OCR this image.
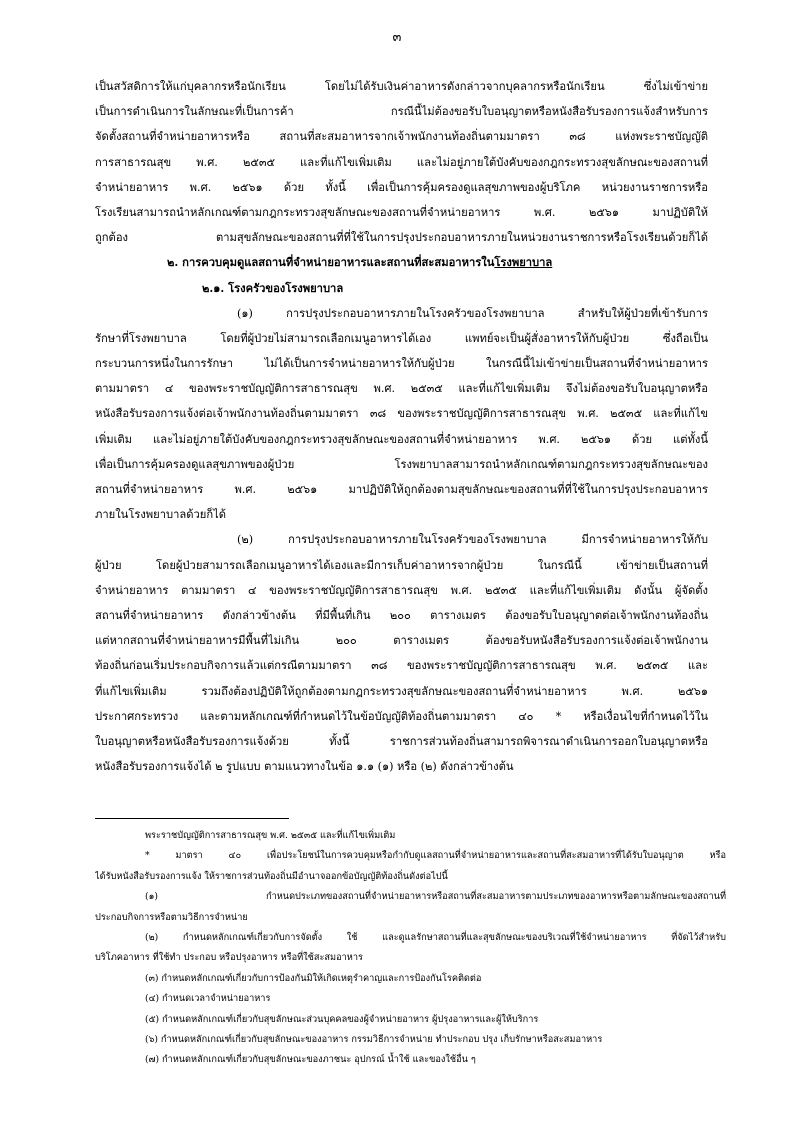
๓
เป็นสวัสดิการให้แก่บุคลากรหรือนักเรียน โดยไม่ได้รับเงินค่าอาหารดังกล่าวจากบุคลากรหรือนักเรียน ซึ่งไม่เข้าข่าย
เป็นการดำเนินการในลักษณะที่เป็นการค้า กรณีนี้ไม่ต้องขอรับใบอนุญาตหรือหนังสือรับรองการแจ้งสำหรับการ
จัดตั้งสถานที่จำหน่ายอาหารหรือ สถานที่สะสมอาหารจากเจ้าพนักงานท้องถิ่นตามมาตรา ๓๘ แห่งพระราชบัญญัติ
การสาธารณสุข พ.ศ. ๒๕๓๕ และที่แก้ไขเพิ่มเติม และไม่อยู่ภายใต้บังคับของกฎกระทรวงสุขลักษณะของสถานที่
จำหน่ายอาหาร พ.ศ. ๒๕๖๑ ด้วย ทั้งนี้ เพื่อเป็นการคุ้มครองดูแลสุขภาพของผู้บริโภค หน่วยงานราชการหรือ
โรงเรียนสามารถนำหลักเกณฑ์ตามกฎกระทรวงสุขลักษณะของสถานที่จำหน่ายอาหาร พ.ศ. ๒๕๖๑ มาปฏิบัติให้
ถูกต้อง ตามสุขลักษณะของสถานที่ที่ใช้ในการปรุงประกอบอาหารภายในหน่วยงานราชการหรือโรงเรียนด้วยก็ได้
๒. การควบคุมดูแลสถานที่จำหน่ายอาหารและสถานที่สะสมอาหารในโรงพยาบาล
๒.๑. โรงครัวของโรงพยาบาล
(๑) การปรุงประกอบอาหารภายในโรงครัวของโรงพยาบาล สำหรับให้ผู้ป่วยที่เข้ารับการ
รักษาที่โรงพยาบาล โดยที่ผู้ป่วยไม่สามารถเลือกเมนูอาหารได้เอง แพทย์จะเป็นผู้สั่งอาหารให้กับผู้ป่วย ซึ่งถือเป็น
กระบวนการหนึ่งในการรักษา ไม่ได้เป็นการจำหน่ายอาหารให้กับผู้ป่วย ในกรณีนี้ไม่เข้าข่ายเป็นสถานที่จำหน่ายอาหาร
ตามมาตรา ๔ ของพระราชบัญญัติการสาธารณสุข พ.ศ. ๒๕๓๕ และที่แก้ไขเพิ่มเติม จึงไม่ต้องขอรับใบอนุญาตหรือ
หนังสือรับรองการแจ้งต่อเจ้าพนักงานท้องถิ่นตามมาตรา ๓๘ ของพระราชบัญญัติการสาธารณสุข พ.ศ. ๒๕๓๕ และที่แก้ไข
เพิ่มเติม และไม่อยู่ภายใต้บังคับของกฎกระทรวงสุขลักษณะของสถานที่จำหน่ายอาหาร พ.ศ. ๒๕๖๑ ด้วย แต่ทั้งนี้
เพื่อเป็นการคุ้มครองดูแลสุขภาพของผู้ป่วย โรงพยาบาลสามารถนำหลักเกณฑ์ตามกฎกระทรวงสุขลักษณะของ
สถานที่จำหน่ายอาหาร พ.ศ. ๒๕๖๑ มาปฏิบัติให้ถูกต้องตามสุขลักษณะของสถานที่ที่ใช้ในการปรุงประกอบอาหาร
ภายในโรงพยาบาลด้วยก็ได้
(๒) การปรุงประกอบอาหารภายในโรงครัวของโรงพยาบาล มีการจำหน่ายอาหารให้กับ
ผู้ป่วย โดยผู้ป่วยสามารถเลือกเมนูอาหารได้เองและมีการเก็บค่าอาหารจากผู้ป่วย ในกรณีนี้ เข้าข่ายเป็นสถานที่
จำหน่ายอาหาร ตามมาตรา ๔ ของพระราชบัญญัติการสาธารณสุข พ.ศ. ๒๕๓๕ และที่แก้ไขเพิ่มเติม ดังนั้น ผู้จัดตั้ง
สถานที่จำหน่ายอาหาร ดังกล่าวข้างต้น ที่มีพื้นที่เกิน ๒๐๐ ตารางเมตร ต้องขอรับใบอนุญาตต่อเจ้าพนักงานท้องถิ่น
แต่หากสถานที่จำหน่ายอาหารมีพื้นที่ไม่เกิน ๒๐๐ ตารางเมตร ต้องขอรับหนังสือรับรองการแจ้งต่อเจ้าพนักงาน
ท้องถิ่นก่อนเริ่มประกอบกิจการแล้วแต่กรณีตามมาตรา ๓๘ ของพระราชบัญญัติการสาธารณสุข พ.ศ. ๒๕๓๕ และ
ที่แก้ไขเพิ่มเติม รวมถึงต้องปฏิบัติให้ถูกต้องตามกฎกระทรวงสุขลักษณะของสถานที่จำหน่ายอาหาร พ.ศ. ๒๕๖๑
ประกาศกระทรวง และตามหลักเกณฑ์ที่กำหนดไว้ในข้อบัญญัติท้องถิ่นตามมาตรา ๔๐ * หรือเงื่อนไขที่กำหนดไว้ใน
ใบอนุญาตหรือหนังสือรับรองการแจ้งด้วย ทั้งนี้ ราชการส่วนท้องถิ่นสามารถพิจารณาดำเนินการออกใบอนุญาตหรือ
หนังสือรับรองการแจ้งได้ ๒ รูปแบบ ตามแนวทางในข้อ ๑.๑ (๑) หรือ (๒) ดังกล่าวข้างต้น
พระราชบัญญัติการสาธารณสุข พ.ศ. ๒๕๓๕ และที่แก้ไขเพิ่มเติม
* มาตรา ๔๐ เพื่อประโยชน์ในการควบคุมหรือกำกับดูแลสถานที่จำหน่ายอาหารและสถานที่สะสมอาหารที่ได้รับใบอนุญาต หรือ
ได้รับหนังสือรับรองการแจ้ง ให้ราชการส่วนท้องถิ่นมีอำนาจออกข้อบัญญัติท้องถิ่นดังต่อไปนี้
(๑) กำหนดประเภทของสถานที่จำหน่ายอาหารหรือสถานที่สะสมอาหารตามประเภทของอาหารหรือตามลักษณะของสถานที่
ประกอบกิจการหรือตามวิธีการจำหน่าย
(๒) กำหนดหลักเกณฑ์เกี่ยวกับการจัดตั้ง ใช้ และดูแลรักษาสถานที่และสุขลักษณะของบริเวณที่ใช้จำหน่ายอาหาร ที่จัดไว้สำหรับ
บริโภคอาหาร ที่ใช้ทำ ประกอบ หรือปรุงอาหาร หรือที่ใช้สะสมอาหาร
(๓) กำหนดหลักเกณฑ์เกี่ยวกับการป้องกันมิให้เกิดเหตุรำคาญและการป้องกันโรคติดต่อ
(๔) กำหนดเวลาจำหน่ายอาหาร
(๕) กำหนดหลักเกณฑ์เกี่ยวกับสุขลักษณะส่วนบุคคลของผู้จำหน่ายอาหาร ผู้ปรุงอาหารและผู้ให้บริการ
(๖) กำหนดหลักเกณฑ์เกี่ยวกับสุขลักษณะของอาหาร กรรมวิธีการจำหน่าย ทำประกอบ ปรุง เก็บรักษาหรือสะสมอาหาร
(๗) กำหนดหลักเกณฑ์เกี่ยวกับสุขลักษณะของภาชนะ อุปกรณ์ น้ำใช้ และของใช้อื่น ๆ
